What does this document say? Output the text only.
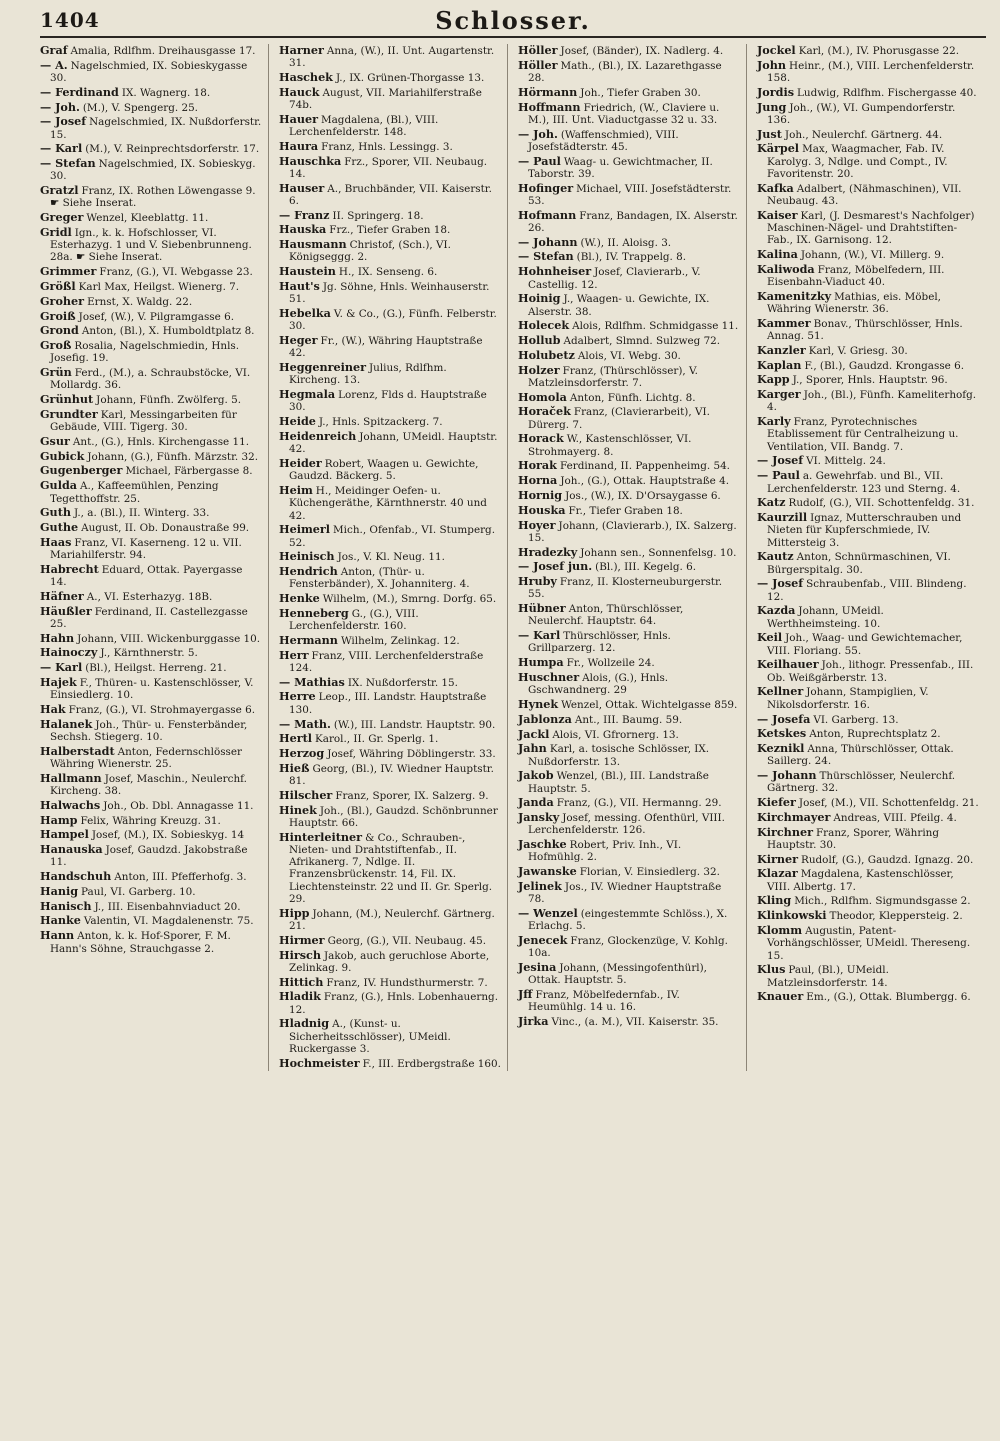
1404	Schlosser.
Graf Amalia, Rdlfhm. Dreihausgasse 17.
— A. Nagelschmied, IX. Sobieskygasse 30.
— Ferdinand IX. Wagnerg. 18.
— Joh. (M.), V. Spengerg. 25.
— Josef Nagelschmied, IX. Nußdorferstr. 15.
— Karl (M.), V. Reinprechtsdorferstr. 17.
— Stefan Nagelschmied, IX. Sobieskyg. 30.
Gratzl Franz, IX. Rothen Löwengasse 9. ☛ Siehe Inserat.
Greger Wenzel, Kleeblattg. 11.
Gridl Ign., k. k. Hofschlosser, VI. Esterhazyg. 1 und V. Siebenbrunneng. 28a. ☛ Siehe Inserat.
Grimmer Franz, (G.), VI. Webgasse 23.
Größl Karl Max, Heilgst. Wienerg. 7.
Groher Ernst, X. Waldg. 22.
Groiß Josef, (W.), V. Pilgramgasse 6.
Grond Anton, (Bl.), X. Humboldtplatz 8.
Groß Rosalia, Nagelschmiedin, Hnls. Josefig. 19.
Grün Ferd., (M.), a. Schraubstöcke, VI. Mollardg. 36.
Grünhut Johann, Fünfh. Zwölferg. 5.
Grundter Karl, Messingarbeiten für Gebäude, VIII. Tigerg. 30.
Gsur Ant., (G.), Hnls. Kirchengasse 11.
Gubick Johann, (G.), Fünfh. Märzstr. 32.
Gugenberger Michael, Färbergasse 8.
Gulda A., Kaffeemühlen, Penzing Tegetthoffstr. 25.
Guth J., a. (Bl.), II. Winterg. 33.
Guthe August, II. Ob. Donaustraße 99.
Haas Franz, VI. Kaserneng. 12 u. VII. Mariahilferstr. 94.
Habrecht Eduard, Ottak. Payergasse 14.
Häfner A., VI. Esterhazyg. 18B.
Häußler Ferdinand, II. Castellezgasse 25.
Hahn Johann, VIII. Wickenburggasse 10.
Hainoczy J., Kärnthnerstr. 5.
— Karl (Bl.), Heilgst. Herreng. 21.
Hajek F., Thüren- u. Kastenschlösser, V. Einsiedlerg. 10.
Hak Franz, (G.), VI. Strohmayergasse 6.
Halanek Joh., Thür- u. Fensterbänder, Sechsh. Stiegerg. 10.
Halberstadt Anton, Federnschlösser Währing Wienerstr. 25.
Hallmann Josef, Maschin., Neulerchf. Kircheng. 38.
Halwachs Joh., Ob. Dbl. Annagasse 11.
Hamp Felix, Währing Kreuzg. 31.
Hampel Josef, (M.), IX. Sobieskyg. 14
Hanauska Josef, Gaudzd. Jakobstraße 11.
Handschuh Anton, III. Pfefferhofg. 3.
Hanig Paul, VI. Garberg. 10.
Hanisch J., III. Eisenbahnviaduct 20.
Hanke Valentin, VI. Magdalenenstr. 75.
Hann Anton, k. k. Hof-Sporer, F. M. Hann's Söhne, Strauchgasse 2.
Harner Anna, (W.), II. Unt. Augartenstr. 31.
Haschek J., IX. Grünen-Thorgasse 13.
Hauck August, VII. Mariahilferstraße 74b.
Hauer Magdalena, (Bl.), VIII. Lerchenfelderstr. 148.
Haura Franz, Hnls. Lessingg. 3.
Hauschka Frz., Sporer, VII. Neubaug. 14.
Hauser A., Bruchbänder, VII. Kaiserstr. 6.
— Franz II. Springerg. 18.
Hauska Frz., Tiefer Graben 18.
Hausmann Christof, (Sch.), VI. Königseggg. 2.
Haustein H., IX. Senseng. 6.
Haut's Jg. Söhne, Hnls. Weinhauserstr. 51.
Hebelka V. & Co., (G.), Fünfh. Felberstr. 30.
Heger Fr., (W.), Währing Hauptstraße 42.
Heggenreiner Julius, Rdlfhm. Kircheng. 13.
Hegmala Lorenz, Flds d. Hauptstraße 30.
Heide J., Hnls. Spitzackerg. 7.
Heidenreich Johann, UMeidl. Hauptstr. 42.
Heider Robert, Waagen u. Gewichte, Gaudzd. Bäckerg. 5.
Heim H., Meidinger Oefen- u. Küchengeräthe, Kärnthnerstr. 40 und 42.
Heimerl Mich., Ofenfab., VI. Stumperg. 52.
Heinisch Jos., V. Kl. Neug. 11.
Hendrich Anton, (Thür- u. Fensterbänder), X. Johanniterg. 4.
Henke Wilhelm, (M.), Smrng. Dorfg. 65.
Henneberg G., (G.), VIII. Lerchenfelderstr. 160.
Hermann Wilhelm, Zelinkag. 12.
Herr Franz, VIII. Lerchenfelderstraße 124.
— Mathias IX. Nußdorferstr. 15.
Herre Leop., III. Landstr. Hauptstraße 130.
— Math. (W.), III. Landstr. Hauptstr. 90.
Hertl Karol., II. Gr. Sperlg. 1.
Herzog Josef, Währing Döblingerstr. 33.
Hieß Georg, (Bl.), IV. Wiedner Hauptstr. 81.
Hilscher Franz, Sporer, IX. Salzerg. 9.
Hinek Joh., (Bl.), Gaudzd. Schönbrunner Hauptstr. 66.
Hinterleitner & Co., Schrauben-, Nieten- und Drahtstiftenfab., II. Afrikanerg. 7, Ndlge. II. Franzensbrückenstr. 14, Fil. IX. Liechtensteinstr. 22 und II. Gr. Sperlg. 29.
Hipp Johann, (M.), Neulerchf. Gärtnerg. 21.
Hirmer Georg, (G.), VII. Neubaug. 45.
Hirsch Jakob, auch geruchlose Aborte, Zelinkag. 9.
Hittich Franz, IV. Hundsthurmerstr. 7.
Hladik Franz, (G.), Hnls. Lobenhauerng. 12.
Hladnig A., (Kunst- u. Sicherheitsschlösser), UMeidl. Ruckergasse 3.
Hochmeister F., III. Erdbergstraße 160.
Höller Josef, (Bänder), IX. Nadlerg. 4.
Höller Math., (Bl.), IX. Lazarethgasse 28.
Hörmann Joh., Tiefer Graben 30.
Hoffmann Friedrich, (W., Claviere u. M.), III. Unt. Viaductgasse 32 u. 33.
— Joh. (Waffenschmied), VIII. Josefstädterstr. 45.
— Paul Waag- u. Gewichtmacher, II. Taborstr. 39.
Hofinger Michael, VIII. Josefstädterstr. 53.
Hofmann Franz, Bandagen, IX. Alserstr. 26.
— Johann (W.), II. Aloisg. 3.
— Stefan (Bl.), IV. Trappelg. 8.
Hohnheiser Josef, Clavierarb., V. Castellig. 12.
Hoinig J., Waagen- u. Gewichte, IX. Alserstr. 38.
Holecek Alois, Rdlfhm. Schmidgasse 11.
Hollub Adalbert, Slmnd. Sulzweg 72.
Holubetz Alois, VI. Webg. 30.
Holzer Franz, (Thürschlösser), V. Matzleinsdorferstr. 7.
Homola Anton, Fünfh. Lichtg. 8.
Horaček Franz, (Clavierarbeit), VI. Dürerg. 7.
Horack W., Kastenschlösser, VI. Strohmayerg. 8.
Horak Ferdinand, II. Pappenheimg. 54.
Horna Joh., (G.), Ottak. Hauptstraße 4.
Hornig Jos., (W.), IX. D'Orsaygasse 6.
Houska Fr., Tiefer Graben 18.
Hoyer Johann, (Clavierarb.), IX. Salzerg. 15.
Hradezky Johann sen., Sonnenfelsg. 10.
— Josef jun. (Bl.), III. Kegelg. 6.
Hruby Franz, II. Klosterneuburgerstr. 55.
Hübner Anton, Thürschlösser, Neulerchf. Hauptstr. 64.
— Karl Thürschlösser, Hnls. Grillparzerg. 12.
Humpa Fr., Wollzeile 24.
Huschner Alois, (G.), Hnls. Gschwandnerg. 29
Hynek Wenzel, Ottak. Wichtelgasse 859.
Jablonza Ant., III. Baumg. 59.
Jackl Alois, VI. Gfrornerg. 13.
Jahn Karl, a. tosische Schlösser, IX. Nußdorferstr. 13.
Jakob Wenzel, (Bl.), III. Landstraße Hauptstr. 5.
Janda Franz, (G.), VII. Hermanng. 29.
Jansky Josef, messing. Ofenthürl, VIII. Lerchenfelderstr. 126.
Jaschke Robert, Priv. Inh., VI. Hofmühlg. 2.
Jawanske Florian, V. Einsiedlerg. 32.
Jelinek Jos., IV. Wiedner Hauptstraße 78.
— Wenzel (eingestemmte Schlöss.), X. Erlachg. 5.
Jenecek Franz, Glockenzüge, V. Kohlg. 10a.
Jesina Johann, (Messingofenthürl), Ottak. Hauptstr. 5.
Jff Franz, Möbelfedernfab., IV. Heumühlg. 14 u. 16.
Jirka Vinc., (a. M.), VII. Kaiserstr. 35.
Jockel Karl, (M.), IV. Phorusgasse 22.
John Heinr., (M.), VIII. Lerchenfelderstr. 158.
Jordis Ludwig, Rdlfhm. Fischergasse 40.
Jung Joh., (W.), VI. Gumpendorferstr. 136.
Just Joh., Neulerchf. Gärtnerg. 44.
Kärpel Max, Waagmacher, Fab. IV. Karolyg. 3, Ndlge. und Compt., IV. Favoritenstr. 20.
Kafka Adalbert, (Nähmaschinen), VII. Neubaug. 43.
Kaiser Karl, (J. Desmarest's Nachfolger) Maschinen-Nägel- und Drahtstiften-Fab., IX. Garnisong. 12.
Kalina Johann, (W.), VI. Millerg. 9.
Kaliwoda Franz, Möbelfedern, III. Eisenbahn-Viaduct 40.
Kamenitzky Mathias, eis. Möbel, Währing Wienerstr. 36.
Kammer Bonav., Thürschlösser, Hnls. Annag. 51.
Kanzler Karl, V. Griesg. 30.
Kaplan F., (Bl.), Gaudzd. Krongasse 6.
Kapp J., Sporer, Hnls. Hauptstr. 96.
Karger Joh., (Bl.), Fünfh. Kameliterhofg. 4.
Karly Franz, Pyrotechnisches Etablissement für Centralheizung u. Ventilation, VII. Bandg. 7.
— Josef VI. Mittelg. 24.
— Paul a. Gewehrfab. und Bl., VII. Lerchenfelderstr. 123 und Sterng. 4.
Katz Rudolf, (G.), VII. Schottenfeldg. 31.
Kaurzill Ignaz, Mutterschrauben und Nieten für Kupferschmiede, IV. Mittersteig 3.
Kautz Anton, Schnürmaschinen, VI. Bürgerspitalg. 30.
— Josef Schraubenfab., VIII. Blindeng. 12.
Kazda Johann, UMeidl. Werthheimsteing. 10.
Keil Joh., Waag- und Gewichtemacher, VIII. Floriang. 55.
Keilhauer Joh., lithogr. Pressenfab., III. Ob. Weißgärberstr. 13.
Kellner Johann, Stampiglien, V. Nikolsdorferstr. 16.
— Josefa VI. Garberg. 13.
Ketskes Anton, Ruprechtsplatz 2.
Keznikl Anna, Thürschlösser, Ottak. Saillerg. 24.
— Johann Thürschlösser, Neulerchf. Gärtnerg. 32.
Kiefer Josef, (M.), VII. Schottenfeldg. 21.
Kirchmayer Andreas, VIII. Pfeilg. 4.
Kirchner Franz, Sporer, Währing Hauptstr. 30.
Kirner Rudolf, (G.), Gaudzd. Ignazg. 20.
Klazar Magdalena, Kastenschlösser, VIII. Albertg. 17.
Kling Mich., Rdlfhm. Sigmundsgasse 2.
Klinkowski Theodor, Kleppersteig. 2.
Klomm Augustin, Patent-Vorhängschlösser, UMeidl. Thereseng. 15.
Klus Paul, (Bl.), UMeidl. Matzleinsdorferstr. 14.
Knauer Em., (G.), Ottak. Blumbergg. 6.
